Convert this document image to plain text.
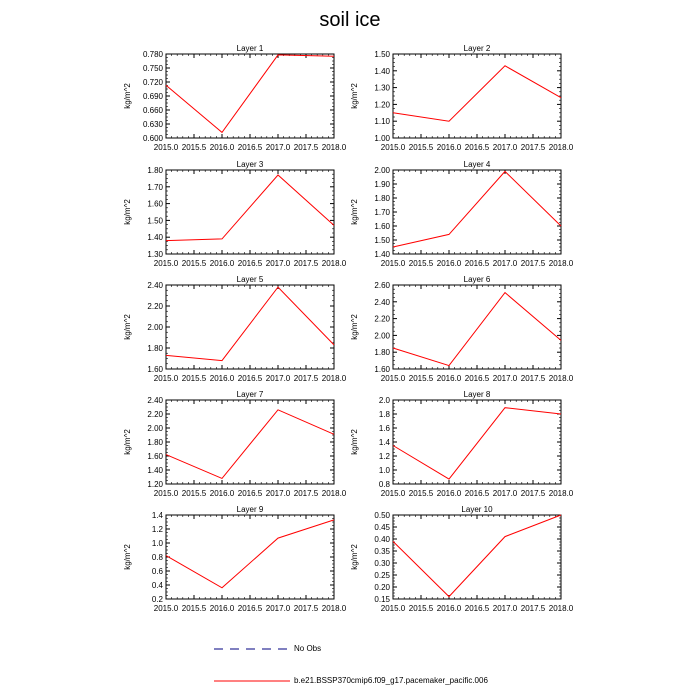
soil ice
Layer 1
kg/m^2
2015.0 2015.5 2016.0 2016.5 2017.0 2017.5 2018.0
0.600
0.630
0.660
0.690
0.720
0.750
0.780
Layer 2
kg/m^2
2015.0 2015.5 2016.0 2016.5 2017.0 2017.5 2018.0
1.00
1.10
1.20
1.30
1.40
1.50
Layer 3
kg/m^2
2015.0 2015.5 2016.0 2016.5 2017.0 2017.5 2018.0
1.30
1.40
1.50
1.60
1.70
1.80
Layer 4
kg/m^2
2015.0 2015.5 2016.0 2016.5 2017.0 2017.5 2018.0
1.40
1.50
1.60
1.70
1.80
1.90
2.00
Layer 5
kg/m^2
2015.0 2015.5 2016.0 2016.5 2017.0 2017.5 2018.0
1.60
1.80
2.00
2.20
2.40
Layer 6
kg/m^2
2015.0 2015.5 2016.0 2016.5 2017.0 2017.5 2018.0
1.60
1.80
2.00
2.20
2.40
2.60
Layer 7
kg/m^2
2015.0 2015.5 2016.0 2016.5 2017.0 2017.5 2018.0
1.20
1.40
1.60
1.80
2.00
2.20
2.40
Layer 8
kg/m^2
2015.0 2015.5 2016.0 2016.5 2017.0 2017.5 2018.0
0.8
1.0
1.2
1.4
1.6
1.8
2.0
Layer 9
kg/m^2
2015.0 2015.5 2016.0 2016.5 2017.0 2017.5 2018.0
0.2
0.4
0.6
0.8
1.0
1.2
1.4
Layer 10
kg/m^2
2015.0 2015.5 2016.0 2016.5 2017.0 2017.5 2018.0
0.15
0.20
0.25
0.30
0.35
0.40
0.45
0.50
No Obs
b.e21.BSSP370cmip6.f09_g17.pacemaker_pacific.006
